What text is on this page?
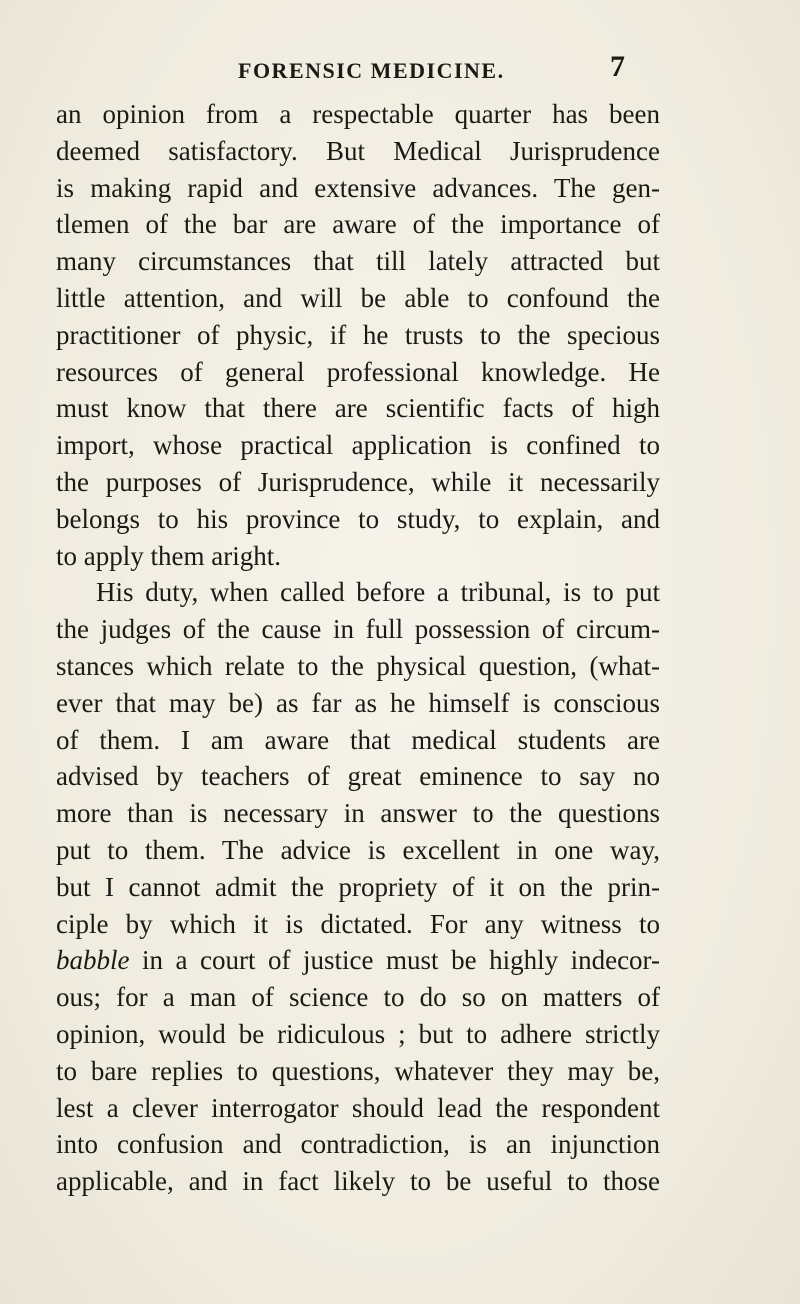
FORENSIC MEDICINE.	7
an opinion from a respectable quarter has been
deemed satisfactory. But Medical Jurisprudence
is making rapid and extensive advances. The gen-
tlemen of the bar are aware of the importance of
many circumstances that till lately attracted but
little attention, and will be able to confound the
practitioner of physic, if he trusts to the specious
resources of general professional knowledge. He
must know that there are scientific facts of high
import, whose practical application is confined to
the purposes of Jurisprudence, while it necessarily
belongs to his province to study, to explain, and
to apply them aright.
His duty, when called before a tribunal, is to put
the judges of the cause in full possession of circum-
stances which relate to the physical question, (what-
ever that may be) as far as he himself is conscious
of them. I am aware that medical students are
advised by teachers of great eminence to say no
more than is necessary in answer to the questions
put to them. The advice is excellent in one way,
but I cannot admit the propriety of it on the prin-
ciple by which it is dictated. For any witness to
babble in a court of justice must be highly indecor-
ous; for a man of science to do so on matters of
opinion, would be ridiculous ; but to adhere strictly
to bare replies to questions, whatever they may be,
lest a clever interrogator should lead the respondent
into confusion and contradiction, is an injunction
applicable, and in fact likely to be useful to those
